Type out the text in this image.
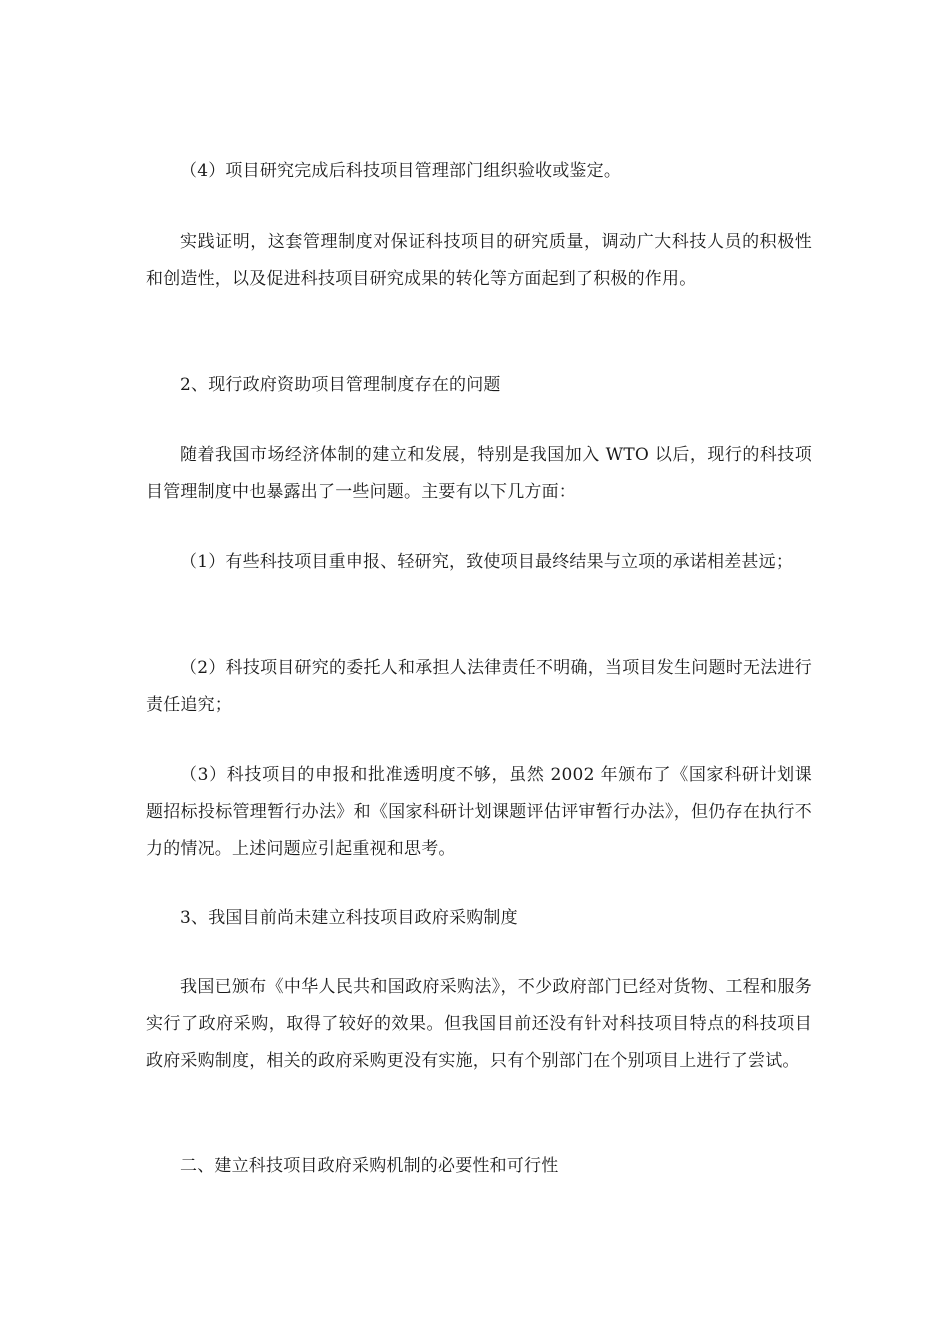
（4）项目研究完成后科技项目管理部门组织验收或鉴定。

实践证明，这套管理制度对保证科技项目的研究质量，调动广大科技人员的积极性和创造性，以及促进科技项目研究成果的转化等方面起到了积极的作用。

2、现行政府资助项目管理制度存在的问题

随着我国市场经济体制的建立和发展，特别是我国加入 WTO 以后，现行的科技项目管理制度中也暴露出了一些问题。主要有以下几方面：

（1）有些科技项目重申报、轻研究，致使项目最终结果与立项的承诺相差甚远；

（2）科技项目研究的委托人和承担人法律责任不明确，当项目发生问题时无法进行责任追究；

（3）科技项目的申报和批准透明度不够，虽然 2002 年颁布了《国家科研计划课题招标投标管理暂行办法》和《国家科研计划课题评估评审暂行办法》，但仍存在执行不力的情况。上述问题应引起重视和思考。

3、我国目前尚未建立科技项目政府采购制度

我国已颁布《中华人民共和国政府采购法》，不少政府部门已经对货物、工程和服务实行了政府采购，取得了较好的效果。但我国目前还没有针对科技项目特点的科技项目政府采购制度，相关的政府采购更没有实施，只有个别部门在个别项目上进行了尝试。

二、建立科技项目政府采购机制的必要性和可行性
